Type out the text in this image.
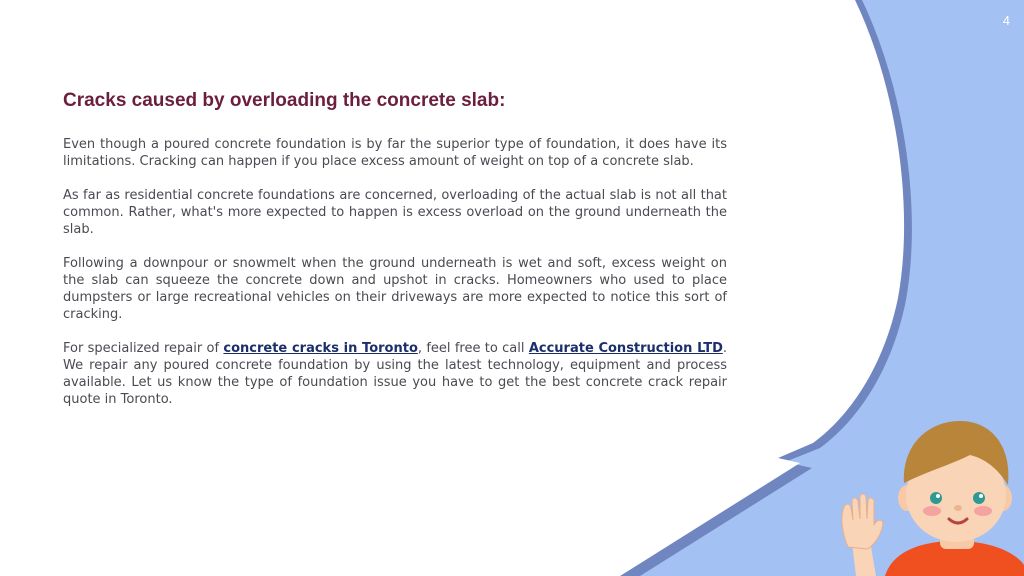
4
Cracks caused by overloading the concrete slab:

Even though a poured concrete foundation is by far the superior type of foundation, it does have its limitations. Cracking can happen if you place excess amount of weight on top of a concrete slab.

As far as residential concrete foundations are concerned, overloading of the actual slab is not all that common. Rather, what's more expected to happen is excess overload on the ground underneath the slab.

Following a downpour or snowmelt when the ground underneath is wet and soft, excess weight on the slab can squeeze the concrete down and upshot in cracks. Homeowners who used to place dumpsters or large recreational vehicles on their driveways are more expected to notice this sort of cracking.

For specialized repair of concrete cracks in Toronto, feel free to call Accurate Construction LTD. We repair any poured concrete foundation by using the latest technology, equipment and process available. Let us know the type of foundation issue you have to get the best concrete crack repair quote in Toronto.
